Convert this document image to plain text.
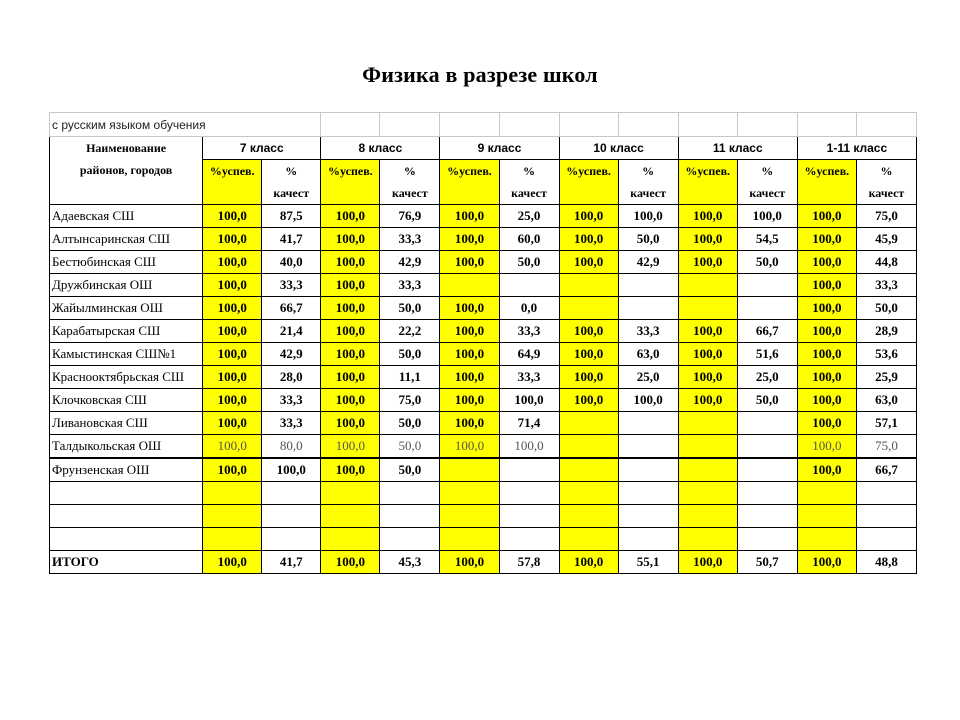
Физика в разрезе школ
с русским языком обучения												
Наименование	7 класс		8 класс		9 класс		10 класс		11 класс		1-11 класс	
районов, городов	%успев.	%	%успев.	%	%успев.	%	%успев.	%	%успев.	%	%успев.	%
		качест		качест		качест		качест		качест		качест
Адаевская СШ	100,0	87,5	100,0	76,9	100,0	25,0	100,0	100,0	100,0	100,0	100,0	75,0
Алтынсаринская СШ	100,0	41,7	100,0	33,3	100,0	60,0	100,0	50,0	100,0	54,5	100,0	45,9
Бестюбинская СШ	100,0	40,0	100,0	42,9	100,0	50,0	100,0	42,9	100,0	50,0	100,0	44,8
Дружбинская ОШ	100,0	33,3	100,0	33,3							100,0	33,3
Жайылминская ОШ	100,0	66,7	100,0	50,0	100,0	0,0					100,0	50,0
Карабатырская СШ	100,0	21,4	100,0	22,2	100,0	33,3	100,0	33,3	100,0	66,7	100,0	28,9
Камыстинская СШ№1	100,0	42,9	100,0	50,0	100,0	64,9	100,0	63,0	100,0	51,6	100,0	53,6
Краснооктябрьская СШ	100,0	28,0	100,0	11,1	100,0	33,3	100,0	25,0	100,0	25,0	100,0	25,9
Клочковская СШ	100,0	33,3	100,0	75,0	100,0	100,0	100,0	100,0	100,0	50,0	100,0	63,0
Ливановская СШ	100,0	33,3	100,0	50,0	100,0	71,4					100,0	57,1
Талдыкольская ОШ	100,0	80,0	100,0	50,0	100,0	100,0					100,0	75,0
Фрунзенская ОШ	100,0	100,0	100,0	50,0							100,0	66,7

ИТОГО	100,0	41,7	100,0	45,3	100,0	57,8	100,0	55,1	100,0	50,7	100,0	48,8
